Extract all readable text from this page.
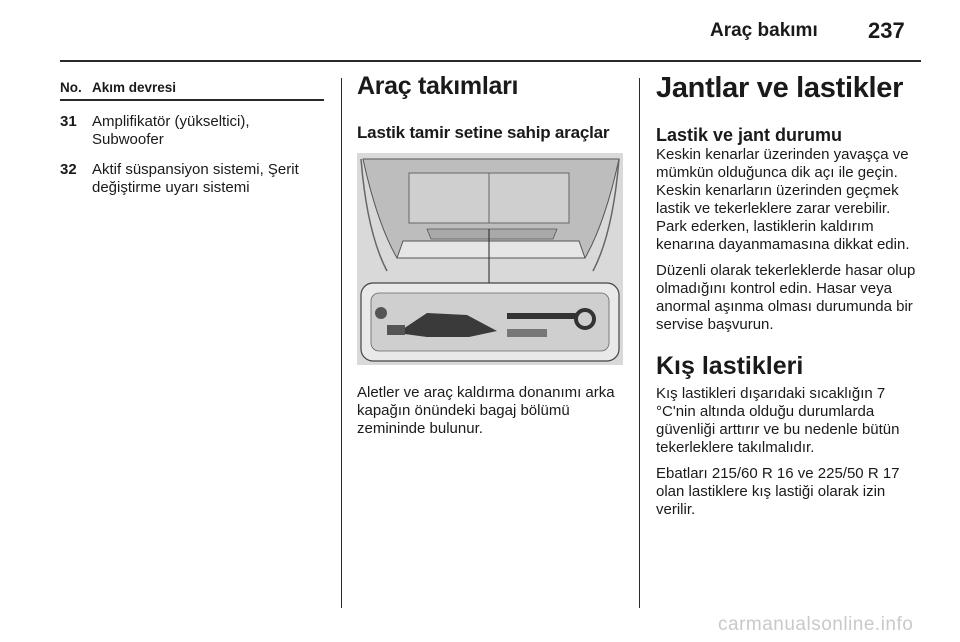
Araç bakımı 237
No. Akım devresi
31	Amplifikatör (yükseltici), Subwoofer
32	Aktif süspansiyon sistemi, Şerit değiştirme uyarı sistemi
Araç takımları
Lastik tamir setine sahip araçlar
Aletler ve araç kaldırma donanımı arka kapağın önündeki bagaj bölümü zemininde bulunur.
Jantlar ve lastikler
Lastik ve jant durumu

Keskin kenarlar üzerinden yavaşça ve mümkün olduğunca dik açı ile geçin. Keskin kenarların üzerinden geçmek lastik ve tekerleklere zarar verebilir. Park ederken, lastiklerin kaldırım kenarına dayanmamasına dikkat edin.

Düzenli olarak tekerleklerde hasar olup olmadığını kontrol edin. Hasar veya anormal aşınma olması durumunda bir servise başvurun.

Kış lastikleri

Kış lastikleri dışarıdaki sıcaklığın 7 °C'nin altında olduğu durumlarda güvenliği arttırır ve bu nedenle bütün tekerleklere takılmalıdır.

Ebatları 215/60 R 16 ve 225/50 R 17 olan lastiklere kış lastiği olarak izin verilir.

carmanualsonline.info
